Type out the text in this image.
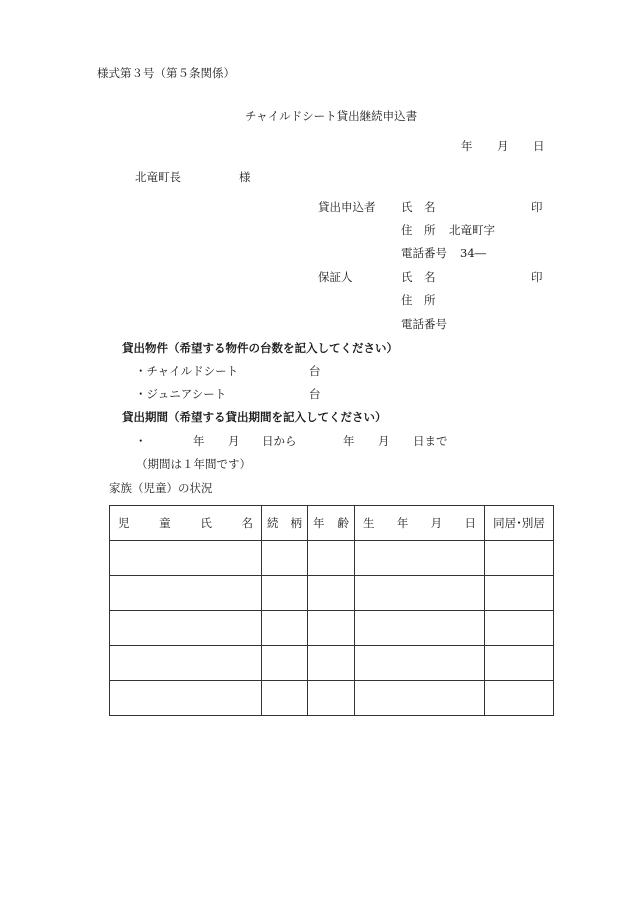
様式第３号（第５条関係）
チャイルドシート貸出継続申込書
年 月 日
北竜町長	様
貸出申込者 氏　名	印
住　所 北竜町字
電話番号 34―
保証人	氏　名	印
住　所
電話番号
貸出物件（希望する物件の台数を記入してください）
・チャイルドシート	台
・ジュニアシート	台
貸出期間（希望する貸出期間を記入してください）
・	年 月 日から	年 月 日まで
（期間は１年間です）
家族（児童）の状況
児 童 氏 名	続 柄	年 齢	生 年 月 日	同居･別居
